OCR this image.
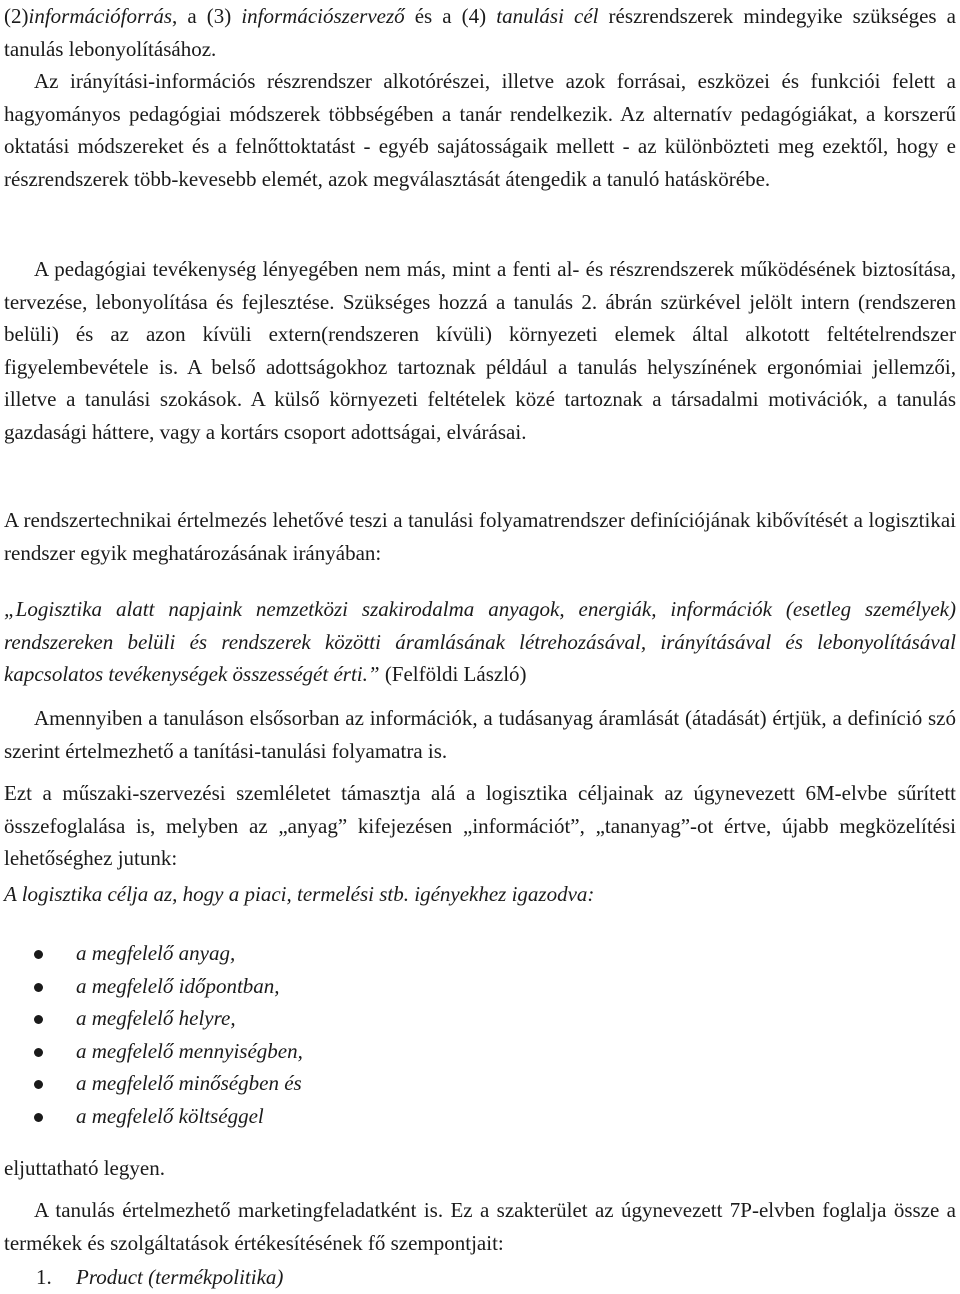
(2)információforrás, a (3) információszervező és a (4) tanulási cél részrendszerek mindegyike szükséges a tanulás lebonyolításához.

Az irányítási-információs részrendszer alkotórészei, illetve azok forrásai, eszközei és funkciói felett a hagyományos pedagógiai módszerek többségében a tanár rendelkezik. Az alternatív pedagógiákat, a korszerű oktatási módszereket és a felnőttoktatást - egyéb sajátosságaik mellett - az különbözteti meg ezektől, hogy e részrendszerek több-kevesebb elemét, azok megválasztását átengedik a tanuló hatáskörébe.

A pedagógiai tevékenység lényegében nem más, mint a fenti al- és részrendszerek működésének biztosítása, tervezése, lebonyolítása és fejlesztése. Szükséges hozzá a tanulás 2. ábrán szürkével jelölt intern (rendszeren belüli) és az azon kívüli extern(rendszeren kívüli) környezeti elemek által alkotott feltételrendszer figyelembevétele is. A belső adottságokhoz tartoznak például a tanulás helyszínének ergonómiai jellemzői, illetve a tanulási szokások. A külső környezeti feltételek közé tartoznak a társadalmi motivációk, a tanulás gazdasági háttere, vagy a kortárs csoport adottságai, elvárásai.

A rendszertechnikai értelmezés lehetővé teszi a tanulási folyamatrendszer definíciójának kibővítését a logisztikai rendszer egyik meghatározásának irányában:

„Logisztika alatt napjaink nemzetközi szakirodalma anyagok, energiák, információk (esetleg személyek) rendszereken belüli és rendszerek közötti áramlásának létrehozásával, irányításával és lebonyolításával kapcsolatos tevékenységek összességét érti.” (Felföldi László)

Amennyiben a tanuláson elsősorban az információk, a tudásanyag áramlását (átadását) értjük, a definíció szó szerint értelmezhető a tanítási-tanulási folyamatra is.

Ezt a műszaki-szervezési szemléletet támasztja alá a logisztika céljainak az úgynevezett 6M-elvbe sűrített összefoglalása is, melyben az „anyag” kifejezésen „információt”, „tananyag”-ot értve, újabb megközelítési lehetőséghez jutunk:

A logisztika célja az, hogy a piaci, termelési stb. igényekhez igazodva:

a megfelelő anyag,
a megfelelő időpontban,
a megfelelő helyre,
a megfelelő mennyiségben,
a megfelelő minőségben és
a megfelelő költséggel

eljuttatható legyen.

A tanulás értelmezhető marketingfeladatként is. Ez a szakterület az úgynevezett 7P-elvben foglalja össze a termékek és szolgáltatások értékesítésének fő szempontjait:

1. Product (termékpolitika)
